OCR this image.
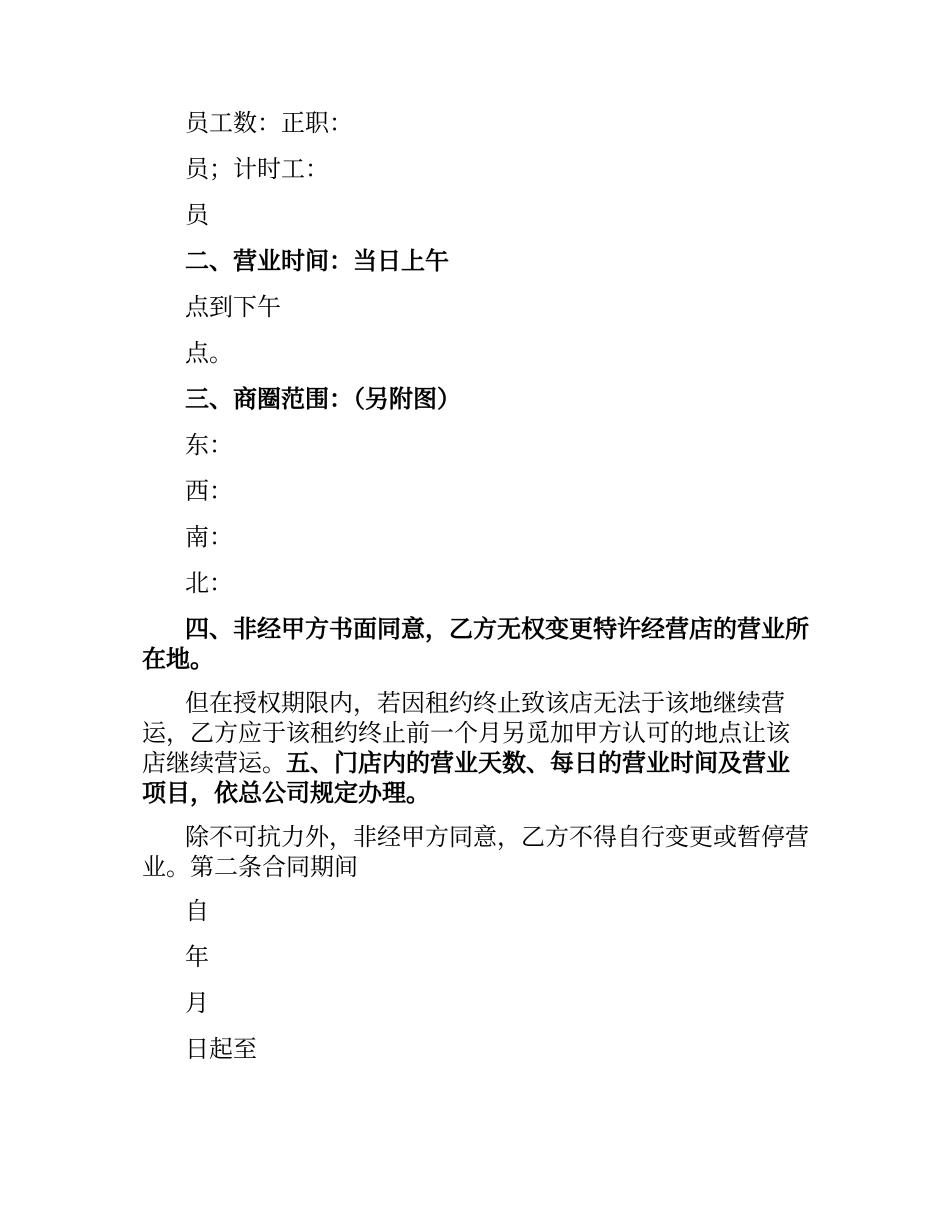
员工数：正职：

员；计时工：

员

二、营业时间：当日上午

点到下午

点。

三、商圈范围：（另附图）

东：

西：

南：

北：

四、非经甲方书面同意，乙方无权变更特许经营店的营业所在地。

但在授权期限内，若因租约终止致该店无法于该地继续营运，乙方应于该租约终止前一个月另觅加甲方认可的地点让该店继续营运。五、门店内的营业天数、每日的营业时间及营业项目，依总公司规定办理。

除不可抗力外，非经甲方同意，乙方不得自行变更或暂停营业。第二条合同期间

自

年

月

日起至
